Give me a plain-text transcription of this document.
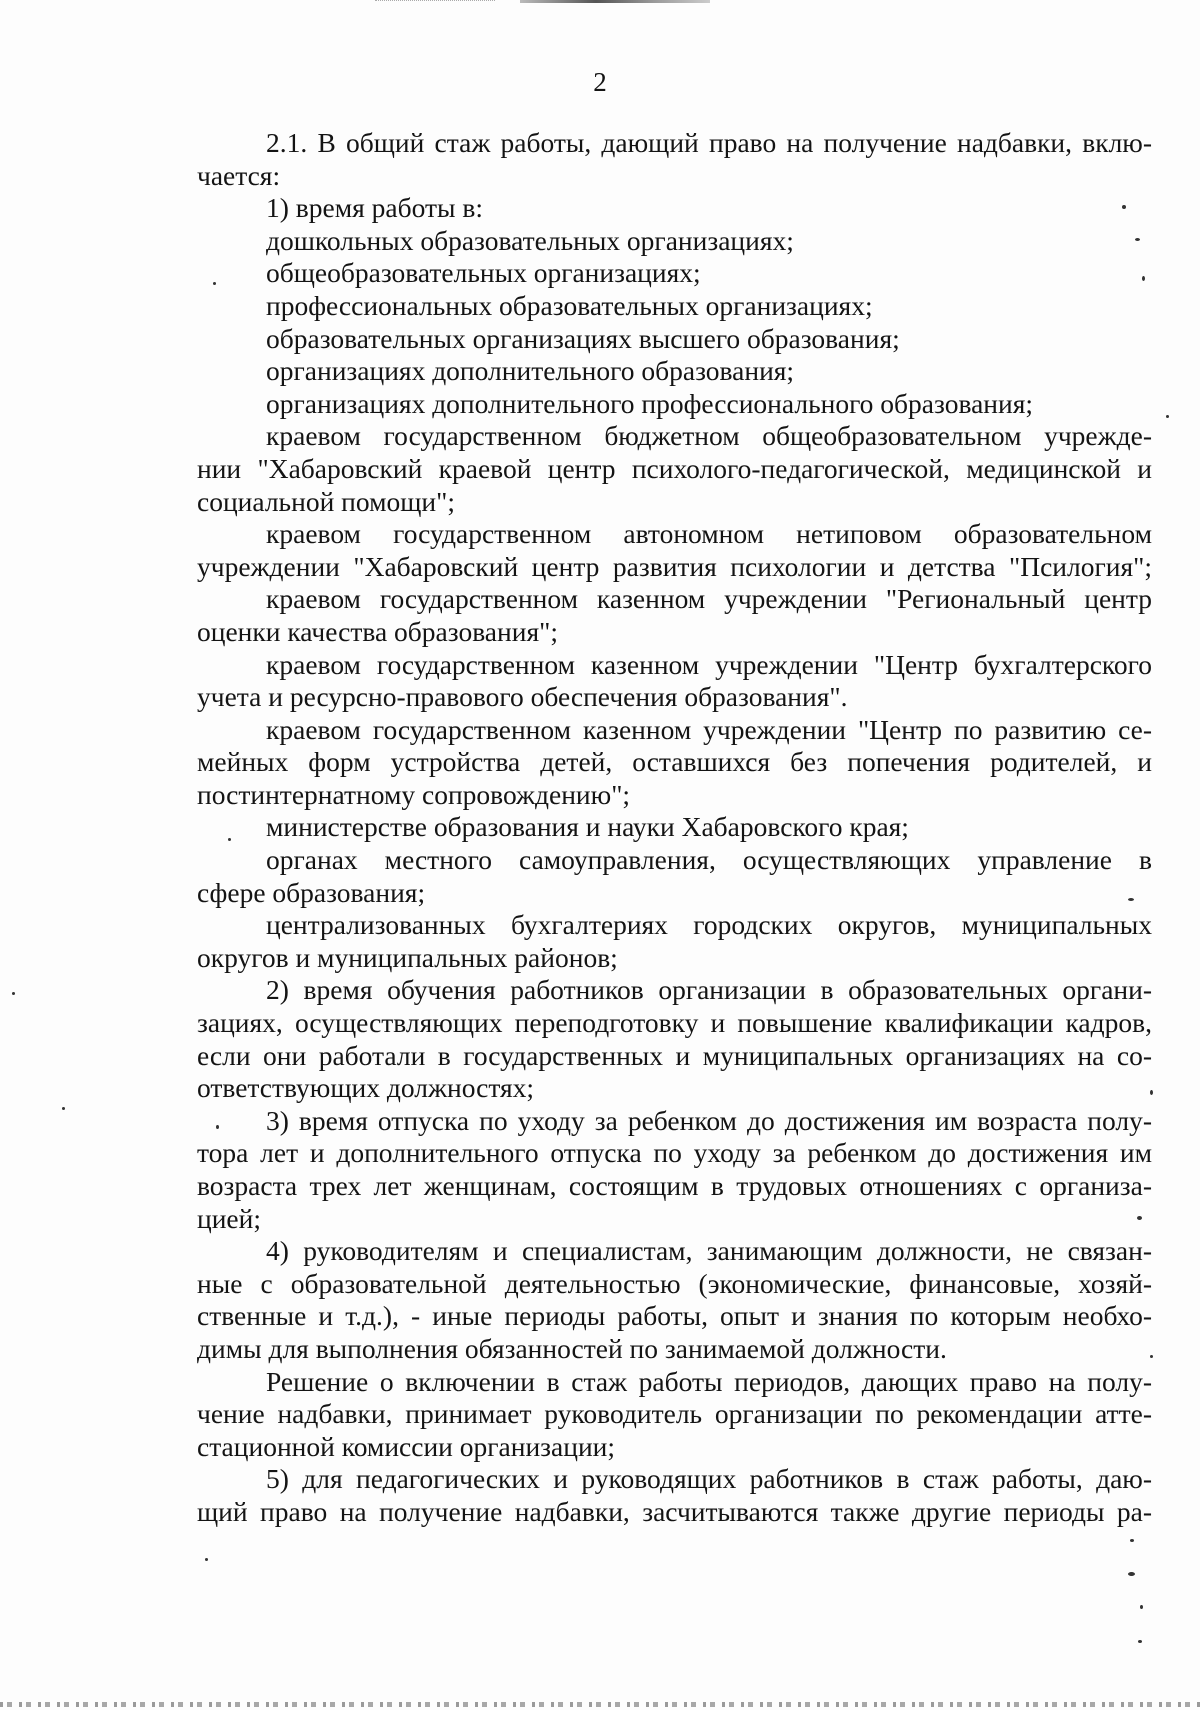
2
2.1. В общий стаж работы, дающий право на получение надбавки, вклю-
чается:
1) время работы в:
дошкольных образовательных организациях;
общеобразовательных организациях;
профессиональных образовательных организациях;
образовательных организациях высшего образования;
организациях дополнительного образования;
организациях дополнительного профессионального образования;
краевом государственном бюджетном общеобразовательном учрежде-
нии "Хабаровский краевой центр психолого-педагогической, медицинской и
социальной помощи";
краевом государственном автономном нетиповом образовательном
учреждении "Хабаровский центр развития психологии и детства "Псилогия";
краевом государственном казенном учреждении "Региональный центр
оценки качества образования";
краевом государственном казенном учреждении "Центр бухгалтерского
учета и ресурсно-правового обеспечения образования".
краевом государственном казенном учреждении "Центр по развитию се-
мейных форм устройства детей, оставшихся без попечения родителей, и
постинтернатному сопровождению";
министерстве образования и науки Хабаровского края;
органах местного самоуправления, осуществляющих управление в
сфере образования;
централизованных бухгалтериях городских округов, муниципальных
округов и муниципальных районов;
2) время обучения работников организации в образовательных органи-
зациях, осуществляющих переподготовку и повышение квалификации кадров,
если они работали в государственных и муниципальных организациях на со-
ответствующих должностях;
3) время отпуска по уходу за ребенком до достижения им возраста полу-
тора лет и дополнительного отпуска по уходу за ребенком до достижения им
возраста трех лет женщинам, состоящим в трудовых отношениях с организа-
цией;
4) руководителям и специалистам, занимающим должности, не связан-
ные с образовательной деятельностью (экономические, финансовые, хозяй-
ственные и т.д.), - иные периоды работы, опыт и знания по которым необхо-
димы для выполнения обязанностей по занимаемой должности.
Решение о включении в стаж работы периодов, дающих право на полу-
чение надбавки, принимает руководитель организации по рекомендации атте-
стационной комиссии организации;
5) для педагогических и руководящих работников в стаж работы, даю-
щий право на получение надбавки, засчитываются также другие периоды ра-
